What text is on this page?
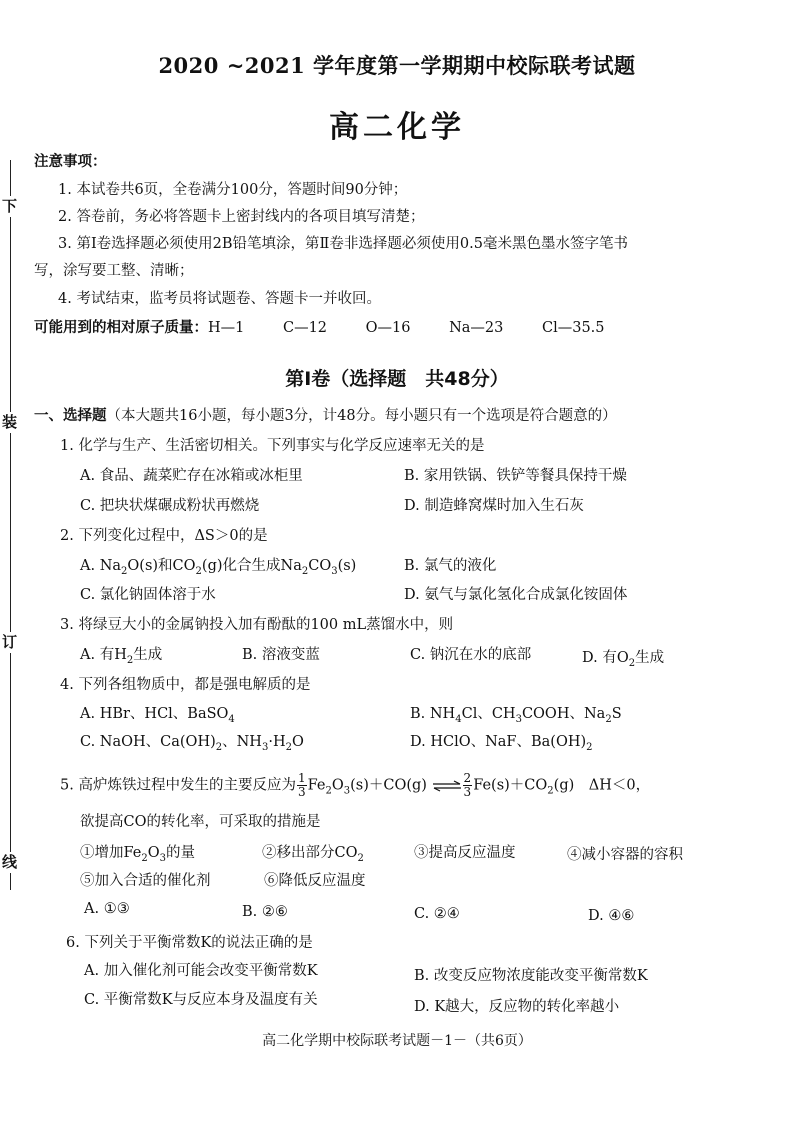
下
装
订
线
2020 ~2021 学年度第一学期期中校际联考试题
高二化学
注意事项：
1. 本试卷共6页，全卷满分100分，答题时间90分钟；
2. 答卷前，务必将答题卡上密封线内的各项目填写清楚；
3. 第Ⅰ卷选择题必须使用2B铅笔填涂，第Ⅱ卷非选择题必须使用0.5毫米黑色墨水签字笔书
写，涂写要工整、清晰；
4. 考试结束，监考员将试题卷、答题卡一并收回。
可能用到的相对原子质量：H—1	C—12	O—16	Na—23	Cl—35.5
第Ⅰ卷（选择题　共48分）
一、选择题（本大题共16小题，每小题3分，计48分。每小题只有一个选项是符合题意的）
1. 化学与生产、生活密切相关。下列事实与化学反应速率无关的是
A. 食品、蔬菜贮存在冰箱或冰柜里	B. 家用铁锅、铁铲等餐具保持干燥
C. 把块状煤碾成粉状再燃烧	D. 制造蜂窝煤时加入生石灰
2. 下列变化过程中，ΔS＞0的是
A. $Na_2O(s)$和$CO_2(g)$化合生成$Na_2CO_3(s)$	B. 氯气的液化
C. 氯化钠固体溶于水	D. 氨气与氯化氢化合成氯化铵固体
3. 将绿豆大小的金属钠投入加有酚酞的100 mL蒸馏水中，则
A. 有$H_2$生成	B. 溶液变蓝	C. 钠沉在水的底部	D. 有$O_2$生成
4. 下列各组物质中，都是强电解质的是
A. HBr、HCl、BaSO$_4$	B. $NH_4Cl$、$CH_3COOH$、$Na_2S$
C. NaOH、$Ca(OH)_2$、$NH_3\cdot H_2O$	D. HClO、NaF、$Ba(OH)_2$
5. 高炉炼铁过程中发生的主要反应为 $\frac{1}{3} Fe_2O_3(s)+CO(g)$ ⇌ $\frac{2}{3} Fe(s)+CO_2(g)$　ΔH＜0，
欲提高CO的转化率，可采取的措施是
①增加$Fe_2O_3$的量	②移出部分$CO_2$	③提高反应温度	④减小容器的容积
⑤加入合适的催化剂	⑥降低反应温度
A. ①③	B. ②⑥	C. ②④	D. ④⑥
6. 下列关于平衡常数K的说法正确的是
A. 加入催化剂可能会改变平衡常数K	B. 改变反应物浓度能改变平衡常数K
C. 平衡常数K与反应本身及温度有关	D. K越大，反应物的转化率越小
高二化学期中校际联考试题－1－（共6页）
